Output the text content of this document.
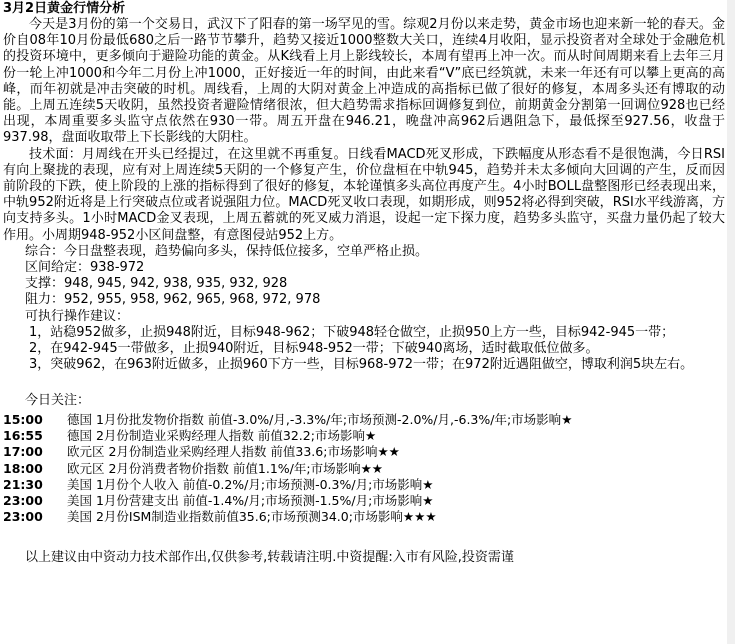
3月2日黄金行情分析
今天是3月份的第一个交易日，武汉下了阳春的第一场罕见的雪。综观2月份以来走势，黄金市场也迎来新一轮的春天。金价自08年10月份最低680之后一路节节攀升，趋势又接近1000整数大关口，连续4月收阳，显示投资者对全球处于金融危机的投资环境中，更多倾向于避险功能的黄金。从K线看上月上影线较长，本周有望再上冲一次。而从时间周期来看上去年三月份一轮上冲1000和今年二月份上冲1000，正好接近一年的时间，由此来看“V”底已经筑就，未来一年还有可以攀上更高的高峰，而年初就是冲击突破的时机。周线看，上周的大阴对黄金上冲造成的高指标已做了很好的修复，本周多头还有博取的动能。上周五连续5天收阴，虽然投资者避险情绪很浓，但大趋势需求指标回调修复到位，前期黄金分割第一回调位928也已经出现，本周重要多头监守点依然在930一带。周五开盘在946.21，晚盘冲高962后遇阻急下，最低探至927.56，收盘于937.98，盘面收取带上下长影线的大阴柱。
技术面：月周线在开头已经提过，在这里就不再重复。日线看MACD死叉形成，下跌幅度从形态看不是很饱满，今日RSI有向上聚拢的表现，应有对上周连续5天阴的一个修复产生，价位盘桓在中轨945，趋势并未太多倾向大回调的产生，反而因前阶段的下跌，使上阶段的上涨的指标得到了很好的修复，本轮谨慎多头高位再度产生。4小时BOLL盘整图形已经表现出来，中轨952附近将是上行突破点位或者说强阻力位。MACD死叉收口表现，如期形成，则952将必得到突破，RSI水平线游离，方向支持多头。1小时MACD金叉表现，上周五蓄就的死叉威力消退，设起一定下探力度，趋势多头监守，买盘力量仍起了较大作用。小周期948-952小区间盘整，有意图侵站952上方。
综合：今日盘整表现，趋势偏向多头，保持低位接多，空单严格止损。
区间给定：938-972
支撑：948, 945, 942, 938, 935, 932, 928
阻力：952, 955, 958, 962, 965, 968, 972, 978
可执行操作建议：
1，站稳952做多，止损948附近，目标948-962；下破948轻仓做空，止损950上方一些，目标942-945一带；
2，在942-945一带做多，止损940附近，目标948-952一带；下破940离场，适时截取低位做多。
3，突破962，在963附近做多，止损960下方一些，目标968-972一带；在972附近遇阻做空，博取利润5块左右。
今日关注：
15:00 德国 1月份批发物价指数 前值-3.0%/月,-3.3%/年;市场预测-2.0%/月,-6.3%/年;市场影响★
16:55 德国 2月份制造业采购经理人指数 前值32.2;市场影响★
17:00 欧元区 2月份制造业采购经理人指数 前值33.6;市场影响★★
18:00 欧元区 2月份消费者物价指数 前值1.1%/年;市场影响★★
21:30 美国 1月份个人收入 前值-0.2%/月;市场预测-0.3%/月;市场影响★
23:00 美国 1月份营建支出 前值-1.4%/月;市场预测-1.5%/月;市场影响★
23:00 美国 2月份ISM制造业指数前值35.6;市场预测34.0;市场影响★★★
以上建议由中资动力技术部作出,仅供参考,转载请注明.中资提醒:入市有风险,投资需谨
